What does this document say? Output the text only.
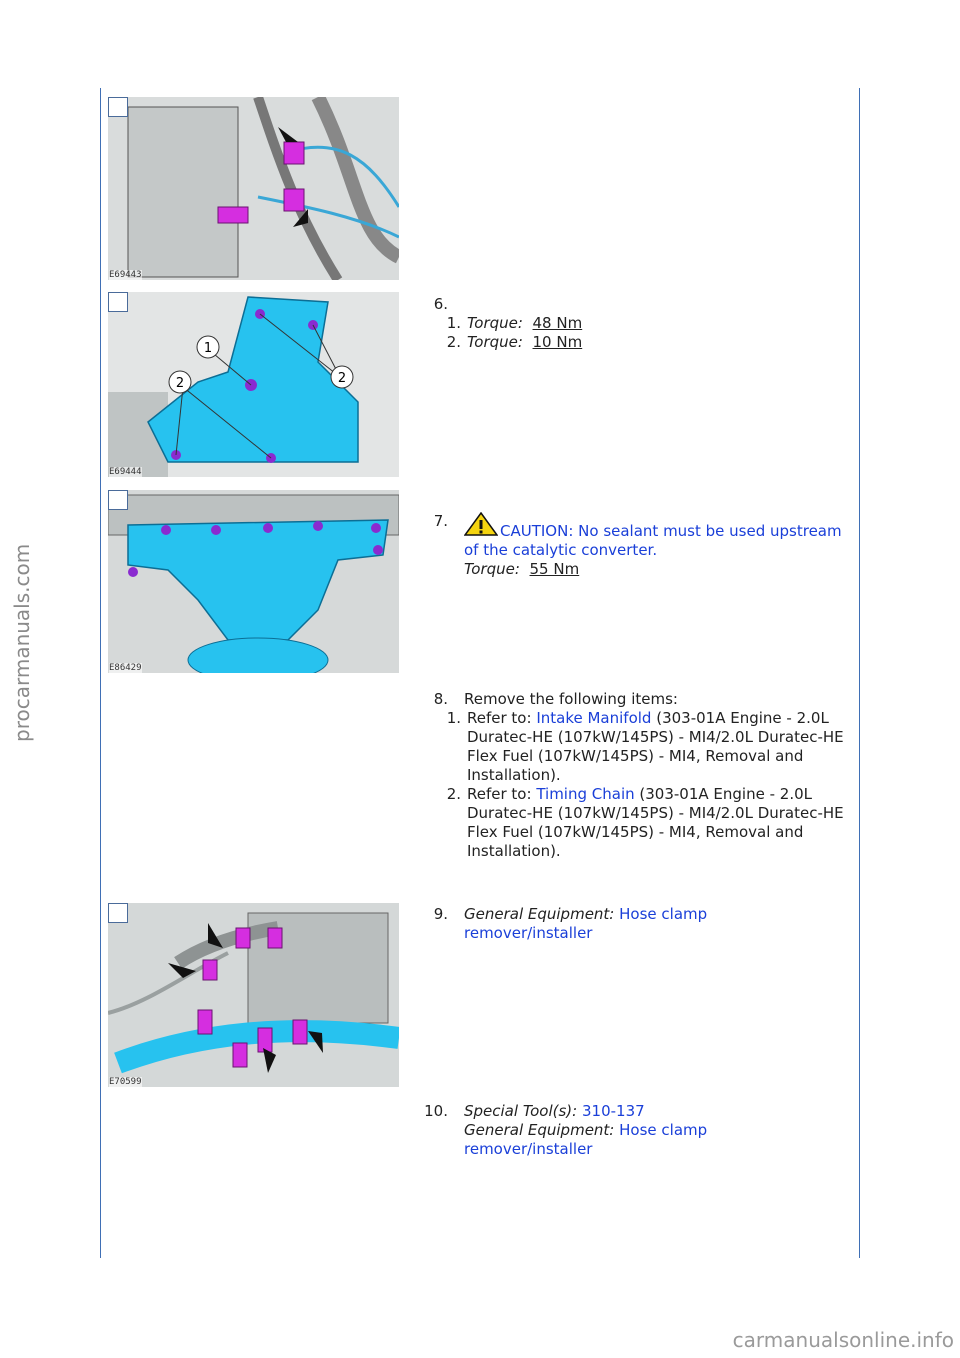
procarmanuals.com
carmanualsonline.info
E69443
1
2	2
E69444
E86429
E70599
6.
1. Torque: 48 Nm
2. Torque: 10 Nm
7.
CAUTION: No sealant must be used upstream of the catalytic converter.
Torque: 55 Nm
8. Remove the following items:
1. Refer to: Intake Manifold (303-01A Engine - 2.0L Duratec-HE (107kW/145PS) - MI4/2.0L Duratec-HE Flex Fuel (107kW/145PS) - MI4, Removal and Installation).
2. Refer to: Timing Chain (303-01A Engine - 2.0L Duratec-HE (107kW/145PS) - MI4/2.0L Duratec-HE Flex Fuel (107kW/145PS) - MI4, Removal and Installation).
9. General Equipment: Hose clamp remover/installer
10. Special Tool(s): 310-137
General Equipment: Hose clamp remover/installer
